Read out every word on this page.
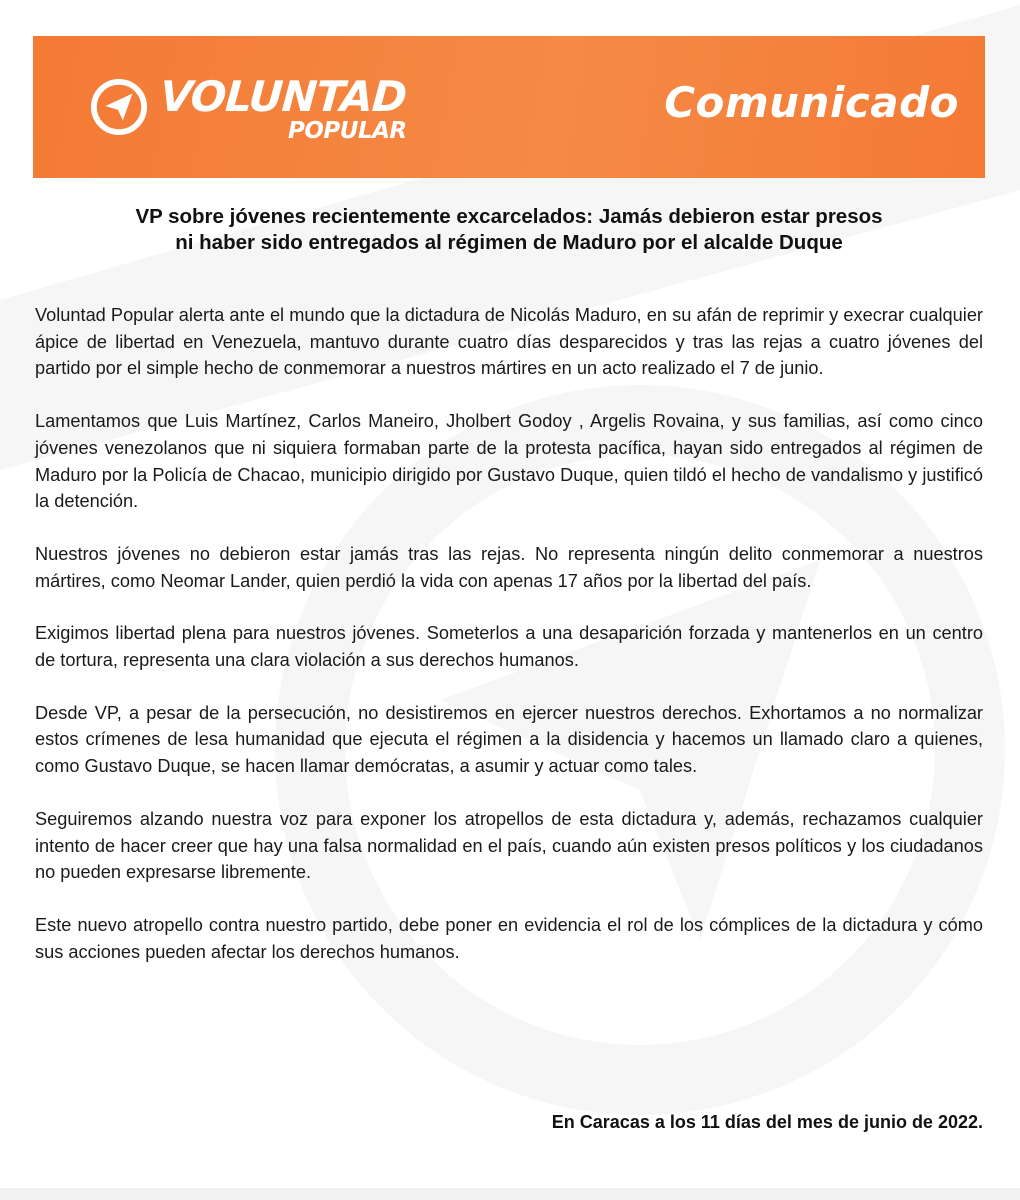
VOLUNTAD
POPULAR
Comunicado
VP sobre jóvenes recientemente excarcelados: Jamás debieron estar presos
ni haber sido entregados al régimen de Maduro por el alcalde Duque

Voluntad Popular alerta ante el mundo que la dictadura de Nicolás Maduro, en su afán de reprimir y execrar cualquier ápice de libertad en Venezuela, mantuvo durante cuatro días desparecidos y tras las rejas a cuatro jóvenes del partido por el simple hecho de conmemorar a nuestros mártires en un acto realizado el 7 de junio.

Lamentamos que Luis Martínez, Carlos Maneiro, Jholbert Godoy , Argelis Rovaina, y sus familias, así como cinco jóvenes venezolanos que ni siquiera formaban parte de la protesta pacífica, hayan sido entregados al régimen de Maduro por la Policía de Chacao, municipio dirigido por Gustavo Duque, quien tildó el hecho de vandalismo y justificó la detención.

Nuestros jóvenes no debieron estar jamás tras las rejas. No representa ningún delito conmemorar a nuestros mártires, como Neomar Lander, quien perdió la vida con apenas 17 años por la libertad del país.

Exigimos libertad plena para nuestros jóvenes. Someterlos a una desaparición forzada y mantenerlos en un centro de tortura, representa una clara violación a sus derechos humanos.

Desde VP, a pesar de la persecución, no desistiremos en ejercer nuestros derechos. Exhortamos a no normalizar estos crímenes de lesa humanidad que ejecuta el régimen a la disidencia y hacemos un llamado claro a quienes, como Gustavo Duque, se hacen llamar demócratas, a asumir y actuar como tales.

Seguiremos alzando nuestra voz para exponer los atropellos de esta dictadura y, además, rechazamos cualquier intento de hacer creer que hay una falsa normalidad en el país, cuando aún existen presos políticos y los ciudadanos no pueden expresarse libremente.

Este nuevo atropello contra nuestro partido, debe poner en evidencia el rol de los cómplices de la dictadura y cómo sus acciones pueden afectar los derechos humanos.

En Caracas a los 11 días del mes de junio de 2022.
